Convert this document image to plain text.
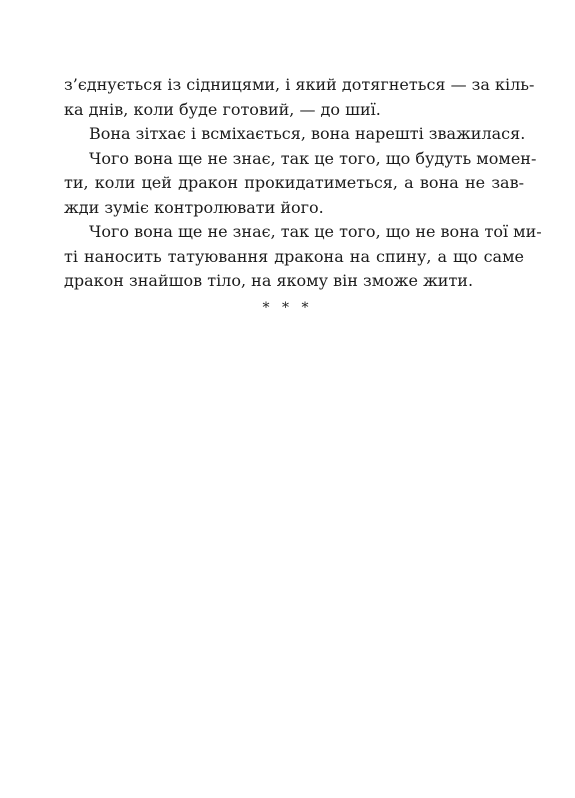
з’єднується із сідницями, і який дотягнеться — за кіль-
ка днів, коли буде готовий, — до шиї.
Вона зітхає і всміхається, вона нарешті зважилася.
Чого вона ще не знає, так це того, що будуть момен-
ти, коли цей дракон прокидатиметься, а вона не зав-
жди зуміє контролювати його.
Чого вона ще не знає, так це того, що не вона тої ми-
ті наносить татуювання дракона на спину, а що саме
дракон знайшов тіло, на якому він зможе жити.
* * *
